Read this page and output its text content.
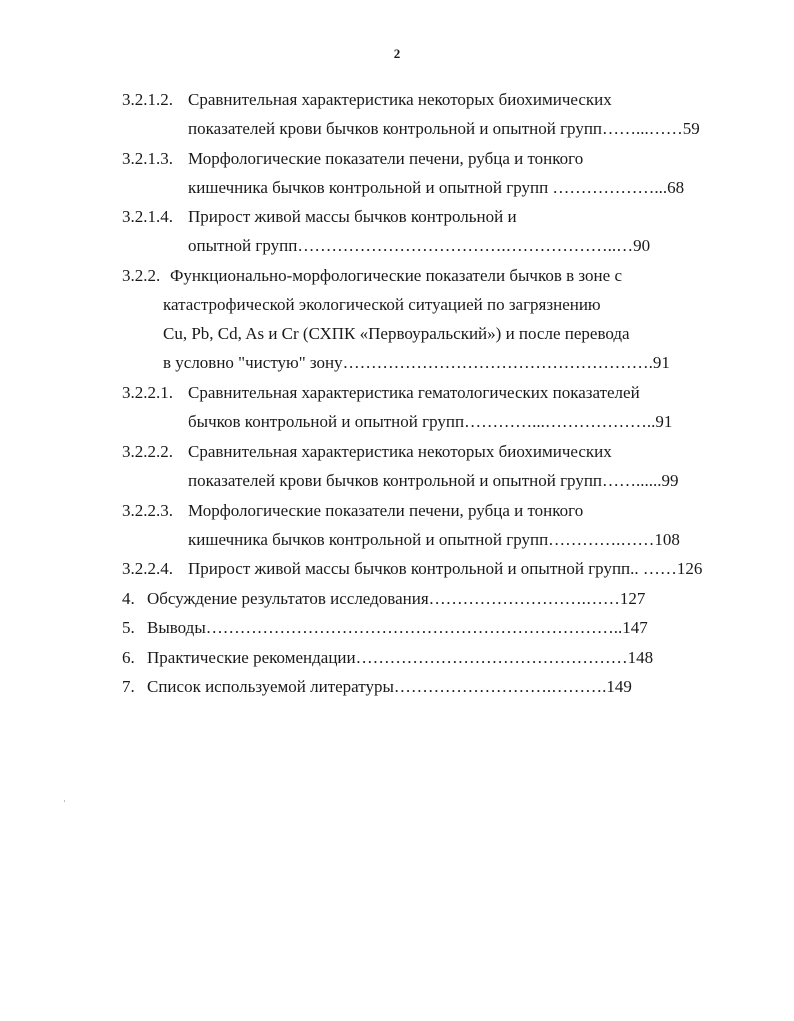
2
3.2.1.2. Сравнительная характеристика некоторых биохимических
показателей крови бычков контрольной и опытной групп……...……59
3.2.1.3. Морфологические показатели печени, рубца и тонкого
кишечника бычков контрольной и опытной групп ………………...68
3.2.1.4. Прирост живой массы бычков контрольной и
опытной групп……………………………….………………..…90
3.2.2. Функционально-морфологические показатели бычков в зоне с
катастрофической экологической ситуацией по загрязнению
Cu, Pb, Cd, As и Cr (СХПК «Первоуральский») и после перевода
в условно "чистую" зону……………………………………………….91
3.2.2.1. Сравнительная характеристика гематологических показателей
бычков контрольной и опытной групп…………...………………..91
3.2.2.2. Сравнительная характеристика некоторых биохимических
показателей крови бычков контрольной и опытной групп……......99
3.2.2.3. Морфологические показатели печени, рубца и тонкого
кишечника бычков контрольной и опытной групп………….……108
3.2.2.4. Прирост живой массы бычков контрольной и опытной групп.. ……126
4. Обсуждение результатов исследования……………………….……127
5. Выводы………………………………………………………………..147
6. Практические рекомендации…………………………………………148
7. Список используемой литературы……………………….……….149
